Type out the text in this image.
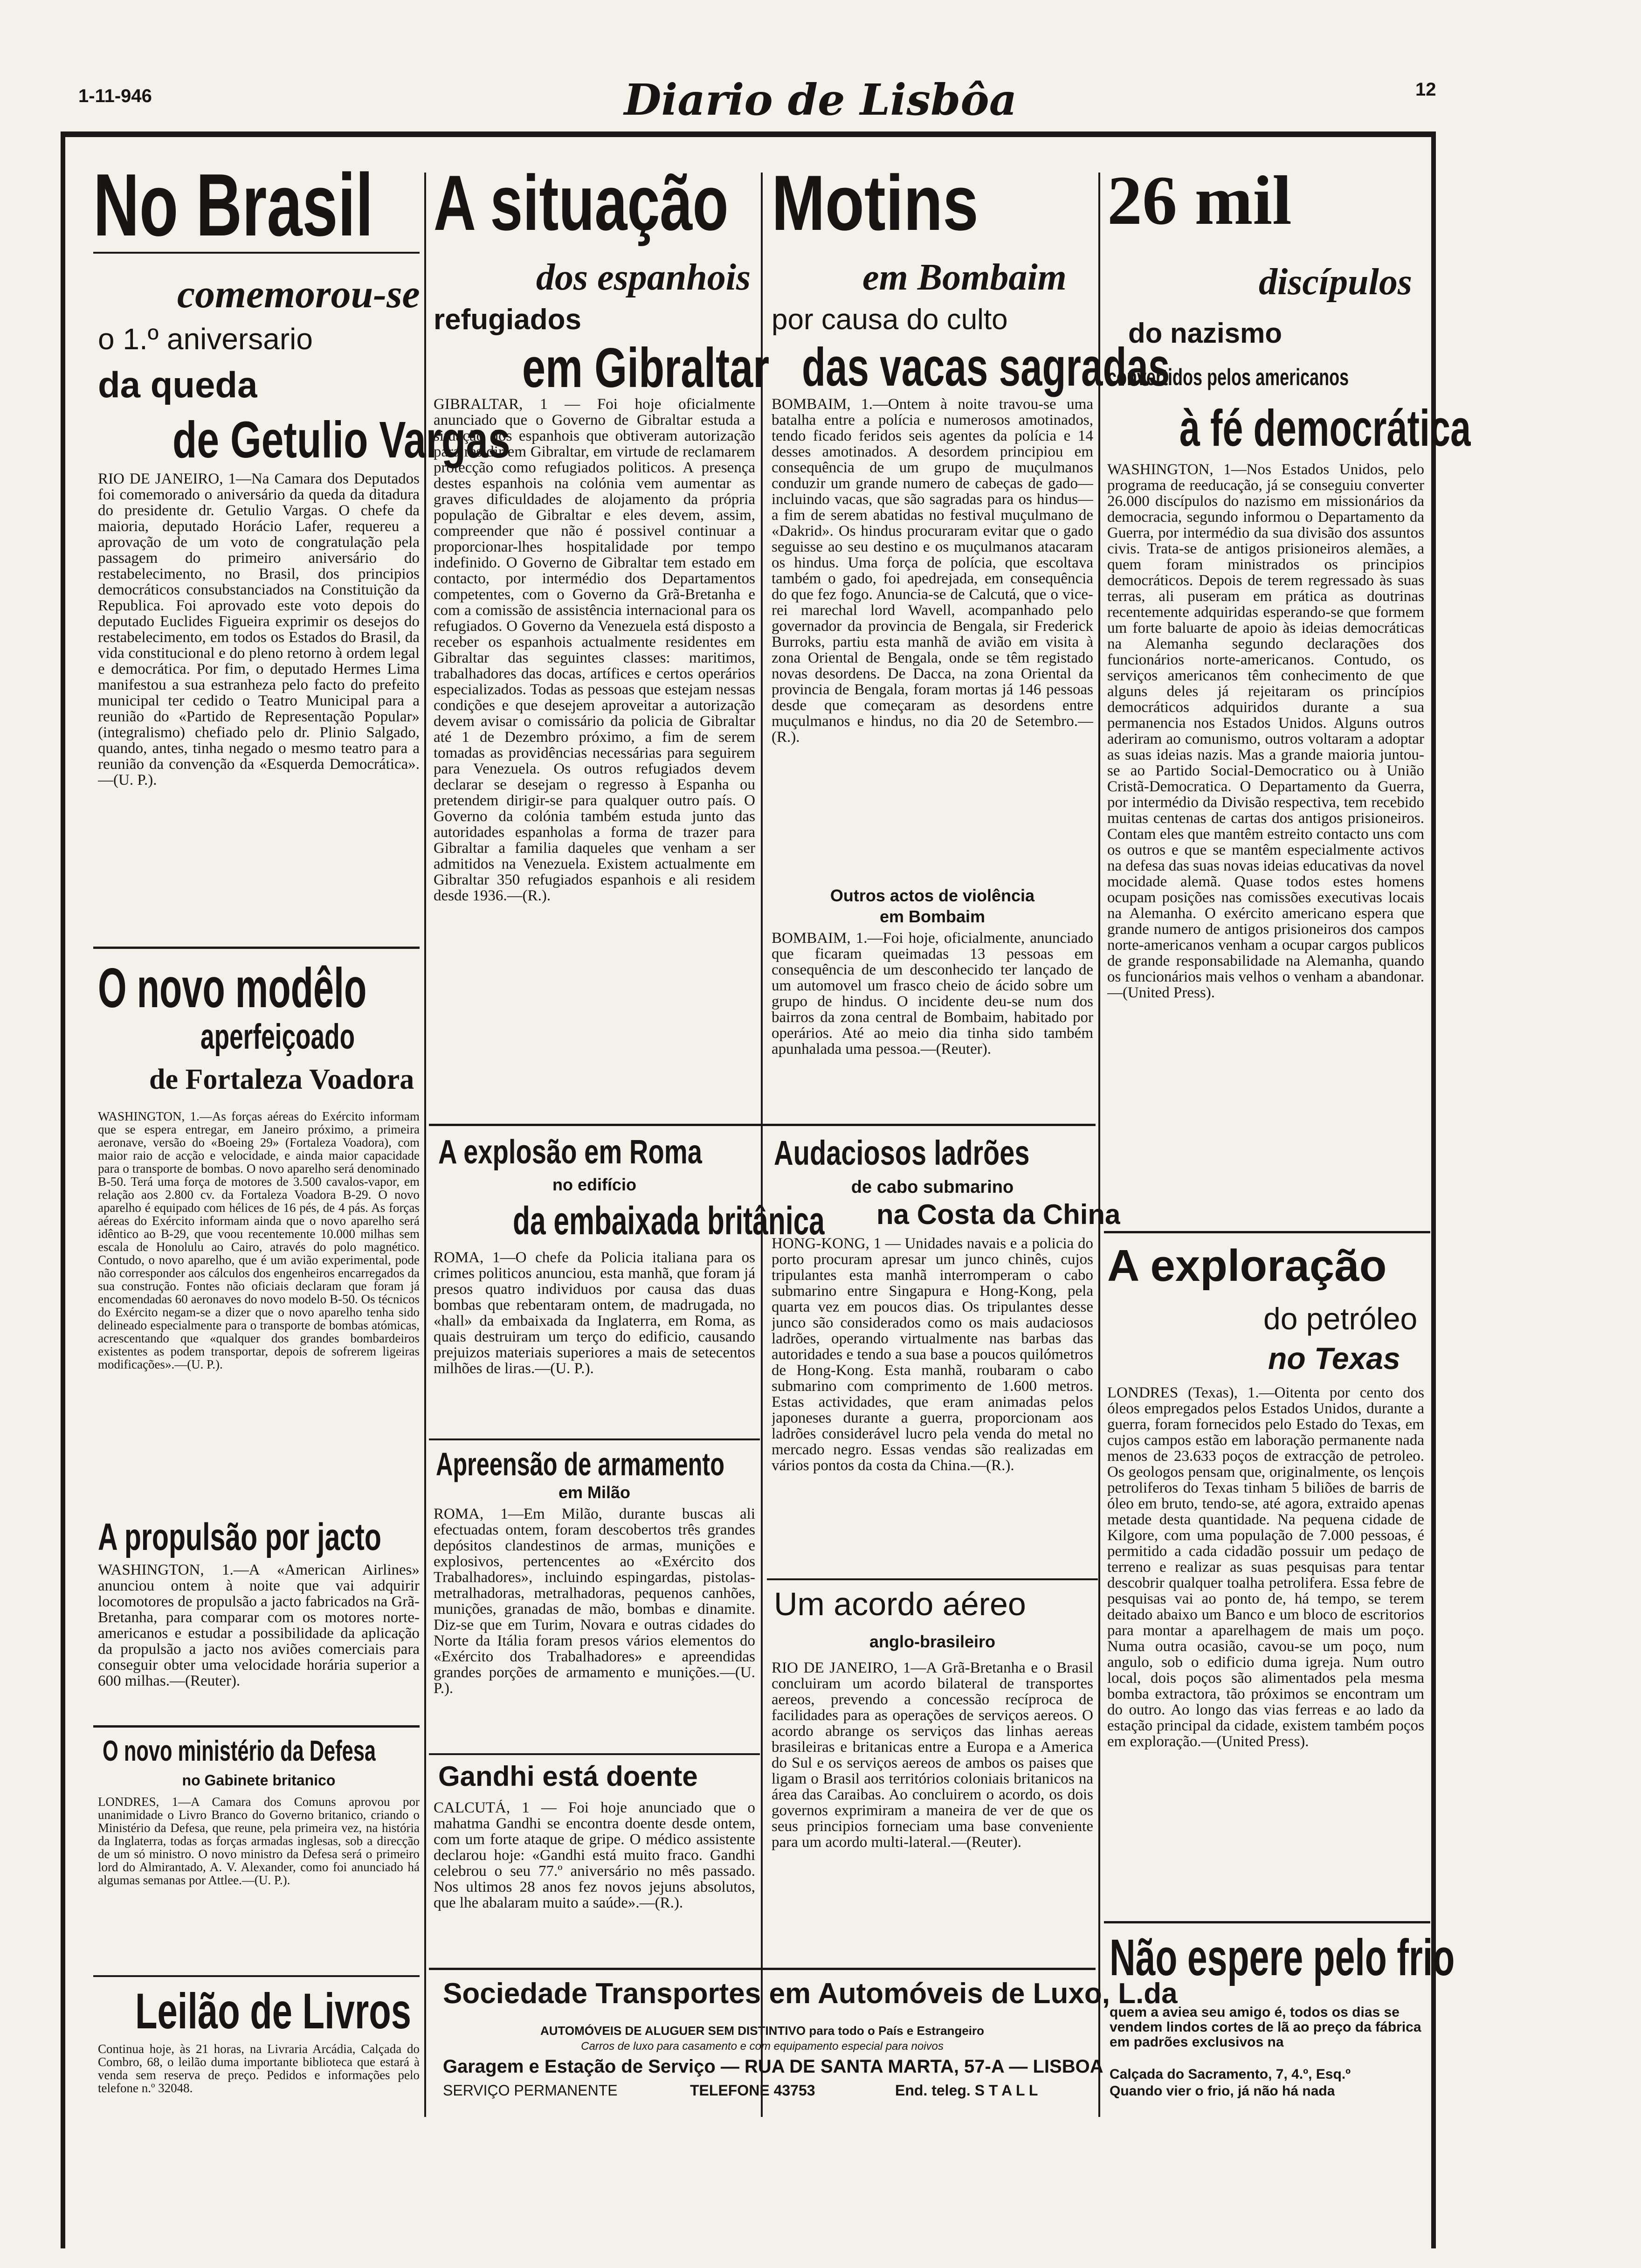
1-11-946	Diario de Lisbôa	12
No Brasil
comemorou-se
o 1.º aniversario
da queda
de Getulio Vargas
RIO DE JANEIRO, 1—Na Camara dos Deputados foi comemorado o aniversário da queda da ditadura do presidente dr. Getulio Vargas. O chefe da maioria, deputado Horácio Lafer, requereu a aprovação de um voto de congratulação pela passagem do primeiro aniversário do restabelecimento, no Brasil, dos principios democráticos consubstanciados na Constituição da Republica. Foi aprovado este voto depois do deputado Euclides Figueira exprimir os desejos do restabelecimento, em todos os Estados do Brasil, da vida constitucional e do pleno retorno à ordem legal e democrática. Por fim, o deputado Hermes Lima manifestou a sua estranheza pelo facto do prefeito municipal ter cedido o Teatro Municipal para a reunião do «Partido de Representação Popular» (integralismo) chefiado pelo dr. Plinio Salgado, quando, antes, tinha negado o mesmo teatro para a reunião da convenção da «Esquerda Democrática».—(U. P.).
O novo modêlo
aperfeiçoado
de Fortaleza Voadora
WASHINGTON, 1.—As forças aéreas do Exército informam que se espera entregar, em Janeiro próximo, a primeira aeronave, versão do «Boeing 29» (Fortaleza Voadora), com maior raio de acção e velocidade, e ainda maior capacidade para o transporte de bombas. O novo aparelho será denominado B-50. Terá uma força de motores de 3.500 cavalos-vapor, em relação aos 2.800 cv. da Fortaleza Voadora B-29. O novo aparelho é equipado com hélices de 16 pés, de 4 pás. As forças aéreas do Exército informam ainda que o novo aparelho será idêntico ao B-29, que voou recentemente 10.000 milhas sem escala de Honolulu ao Cairo, através do polo magnético. Contudo, o novo aparelho, que é um avião experimental, pode não corresponder aos cálculos dos engenheiros encarregados da sua construção. Fontes não oficiais declaram que foram já encomendadas 60 aeronaves do novo modelo B-50. Os técnicos do Exército negam-se a dizer que o novo aparelho tenha sido delineado especialmente para o transporte de bombas atómicas, acrescentando que «qualquer dos grandes bombardeiros existentes as podem transportar, depois de sofrerem ligeiras modificações».—(U. P.).
A propulsão por jacto
WASHINGTON, 1.—A «American Airlines» anunciou ontem à noite que vai adquirir locomotores de propulsão a jacto fabricados na Grã-Bretanha, para comparar com os motores norte-americanos e estudar a possibilidade da aplicação da propulsão a jacto nos aviões comerciais para conseguir obter uma velocidade horária superior a 600 milhas.—(Reuter).
O novo ministério da Defesa
no Gabinete britanico
LONDRES, 1—A Camara dos Comuns aprovou por unanimidade o Livro Branco do Governo britanico, criando o Ministério da Defesa, que reune, pela primeira vez, na história da Inglaterra, todas as forças armadas inglesas, sob a direcção de um só ministro. O novo ministro da Defesa será o primeiro lord do Almirantado, A. V. Alexander, como foi anunciado há algumas semanas por Attlee.—(U. P.).
Leilão de Livros
Continua hoje, às 21 horas, na Livraria Arcádia, Calçada do Combro, 68, o leilão duma importante biblioteca que estará à venda sem reserva de preço. Pedidos e informações pelo telefone n.º 32048.
A situação
dos espanhois
refugiados
em Gibraltar
GIBRALTAR, 1 — Foi hoje oficialmente anunciado que o Governo de Gibraltar estuda a situação dos espanhois que obtiveram autorização para residir em Gibraltar, em virtude de reclamarem protecção como refugiados politicos. A presença destes espanhois na colónia vem aumentar as graves dificuldades de alojamento da própria população de Gibraltar e eles devem, assim, compreender que não é possivel continuar a proporcionar-lhes hospitalidade por tempo indefinido. O Governo de Gibraltar tem estado em contacto, por intermédio dos Departamentos competentes, com o Governo da Grã-Bretanha e com a comissão de assistência internacional para os refugiados. O Governo da Venezuela está disposto a receber os espanhois actualmente residentes em Gibraltar das seguintes classes: maritimos, trabalhadores das docas, artífices e certos operários especializados. Todas as pessoas que estejam nessas condições e que desejem aproveitar a autorização devem avisar o comissário da policia de Gibraltar até 1 de Dezembro próximo, a fim de serem tomadas as providências necessárias para seguirem para Venezuela. Os outros refugiados devem declarar se desejam o regresso à Espanha ou pretendem dirigir-se para qualquer outro país. O Governo da colónia também estuda junto das autoridades espanholas a forma de trazer para Gibraltar a familia daqueles que venham a ser admitidos na Venezuela. Existem actualmente em Gibraltar 350 refugiados espanhois e ali residem desde 1936.—(R.).
A explosão em Roma
no edifício
da embaixada britânica
ROMA, 1—O chefe da Policia italiana para os crimes politicos anunciou, esta manhã, que foram já presos quatro individuos por causa das duas bombas que rebentaram ontem, de madrugada, no «hall» da embaixada da Inglaterra, em Roma, as quais destruiram um terço do edificio, causando prejuizos materiais superiores a mais de setecentos milhões de liras.—(U. P.).
Apreensão de armamento
em Milão
ROMA, 1—Em Milão, durante buscas ali efectuadas ontem, foram descobertos três grandes depósitos clandestinos de armas, munições e explosivos, pertencentes ao «Exército dos Trabalhadores», incluindo espingardas, pistolas-metralhadoras, metralhadoras, pequenos canhões, munições, granadas de mão, bombas e dinamite. Diz-se que em Turim, Novara e outras cidades do Norte da Itália foram presos vários elementos do «Exército dos Trabalhadores» e apreendidas grandes porções de armamento e munições.—(U. P.).
Gandhi está doente
CALCUTÁ, 1 — Foi hoje anunciado que o mahatma Gandhi se encontra doente desde ontem, com um forte ataque de gripe. O médico assistente declarou hoje: «Gandhi está muito fraco. Gandhi celebrou o seu 77.º aniversário no mês passado. Nos ultimos 28 anos fez novos jejuns absolutos, que lhe abalaram muito a saúde».—(R.).
Motins
em Bombaim
por causa do culto
das vacas sagradas
BOMBAIM, 1.—Ontem à noite travou-se uma batalha entre a polícia e numerosos amotinados, tendo ficado feridos seis agentes da polícia e 14 desses amotinados. A desordem principiou em consequência de um grupo de muçulmanos conduzir um grande numero de cabeças de gado—incluindo vacas, que são sagradas para os hindus—a fim de serem abatidas no festival muçulmano de «Dakrid». Os hindus procuraram evitar que o gado seguisse ao seu destino e os muçulmanos atacaram os hindus. Uma força de polícia, que escoltava também o gado, foi apedrejada, em consequência do que fez fogo. Anuncia-se de Calcutá, que o vice-rei marechal lord Wavell, acompanhado pelo governador da provincia de Bengala, sir Frederick Burroks, partiu esta manhã de avião em visita à zona Oriental de Bengala, onde se têm registado novas desordens. De Dacca, na zona Oriental da provincia de Bengala, foram mortas já 146 pessoas desde que começaram as desordens entre muçulmanos e hindus, no dia 20 de Setembro.—(R.).
Outros actos de violência
em Bombaim
BOMBAIM, 1.—Foi hoje, oficialmente, anunciado que ficaram queimadas 13 pessoas em consequência de um desconhecido ter lançado de um automovel um frasco cheio de ácido sobre um grupo de hindus. O incidente deu-se num dos bairros da zona central de Bombaim, habitado por operários. Até ao meio dia tinha sido também apunhalada uma pessoa.—(Reuter).
Audaciosos ladrões
de cabo submarino
na Costa da China
HONG-KONG, 1 — Unidades navais e a policia do porto procuram apresar um junco chinês, cujos tripulantes esta manhã interromperam o cabo submarino entre Singapura e Hong-Kong, pela quarta vez em poucos dias. Os tripulantes desse junco são considerados como os mais audaciosos ladrões, operando virtualmente nas barbas das autoridades e tendo a sua base a poucos quilómetros de Hong-Kong. Esta manhã, roubaram o cabo submarino com comprimento de 1.600 metros. Estas actividades, que eram animadas pelos japoneses durante a guerra, proporcionam aos ladrões considerável lucro pela venda do metal no mercado negro. Essas vendas são realizadas em vários pontos da costa da China.—(R.).
Um acordo aéreo
anglo-brasileiro
RIO DE JANEIRO, 1—A Grã-Bretanha e o Brasil concluiram um acordo bilateral de transportes aereos, prevendo a concessão recíproca de facilidades para as operações de serviços aereos. O acordo abrange os serviços das linhas aereas brasileiras e britanicas entre a Europa e a America do Sul e os serviços aereos de ambos os paises que ligam o Brasil aos territórios coloniais britanicos na área das Caraibas. Ao concluirem o acordo, os dois governos exprimiram a maneira de ver de que os seus principios forneciam uma base conveniente para um acordo multi-lateral.—(Reuter).
Sociedade Transportes em Automóveis de Luxo, L.da
AUTOMÓVEIS DE ALUGUER SEM DISTINTIVO para todo o País e Estrangeiro
Carros de luxo para casamento e com equipamento especial para noivos
Garagem e Estação de Serviço — RUA DE SANTA MARTA, 57-A — LISBOA
SERVIÇO PERMANENTE	TELEFONE 43753	End. teleg. S T A L L
26 mil
discípulos
do nazismo
convertidos pelos americanos
à fé democrática
WASHINGTON, 1—Nos Estados Unidos, pelo programa de reeducação, já se conseguiu converter 26.000 discípulos do nazismo em missionários da democracia, segundo informou o Departamento da Guerra, por intermédio da sua divisão dos assuntos civis. Trata-se de antigos prisioneiros alemães, a quem foram ministrados os principios democráticos. Depois de terem regressado às suas terras, ali puseram em prática as doutrinas recentemente adquiridas esperando-se que formem um forte baluarte de apoio às ideias democráticas na Alemanha segundo declarações dos funcionários norte-americanos. Contudo, os serviços americanos têm conhecimento de que alguns deles já rejeitaram os princípios democráticos adquiridos durante a sua permanencia nos Estados Unidos. Alguns outros aderiram ao comunismo, outros voltaram a adoptar as suas ideias nazis. Mas a grande maioria juntou-se ao Partido Social-Democratico ou à União Cristã-Democratica. O Departamento da Guerra, por intermédio da Divisão respectiva, tem recebido muitas centenas de cartas dos antigos prisioneiros. Contam eles que mantêm estreito contacto uns com os outros e que se mantêm especialmente activos na defesa das suas novas ideias educativas da novel mocidade alemã. Quase todos estes homens ocupam posições nas comissões executivas locais na Alemanha. O exército americano espera que grande numero de antigos prisioneiros dos campos norte-americanos venham a ocupar cargos publicos de grande responsabilidade na Alemanha, quando os funcionários mais velhos o venham a abandonar.—(United Press).
A exploração
do petróleo
no Texas
LONDRES (Texas), 1.—Oitenta por cento dos óleos empregados pelos Estados Unidos, durante a guerra, foram fornecidos pelo Estado do Texas, em cujos campos estão em laboração permanente nada menos de 23.633 poços de extracção de petroleo. Os geologos pensam que, originalmente, os lençois petroliferos do Texas tinham 5 biliões de barris de óleo em bruto, tendo-se, até agora, extraido apenas metade desta quantidade. Na pequena cidade de Kilgore, com uma população de 7.000 pessoas, é permitido a cada cidadão possuir um pedaço de terreno e realizar as suas pesquisas para tentar descobrir qualquer toalha petrolifera. Essa febre de pesquisas vai ao ponto de, há tempo, se terem deitado abaixo um Banco e um bloco de escritorios para montar a aparelhagem de mais um poço. Numa outra ocasião, cavou-se um poço, num angulo, sob o edificio duma igreja. Num outro local, dois poços são alimentados pela mesma bomba extractora, tão próximos se encontram um do outro. Ao longo das vias ferreas e ao lado da estação principal da cidade, existem também poços em exploração.—(United Press).
Não espere pelo frio
quem a aviea seu amigo é, todos os dias se vendem lindos cortes de lã ao preço da fábrica em padrões exclusivos na
Calçada do Sacramento, 7, 4.º, Esq.º
Quando vier o frio, já não há nada
